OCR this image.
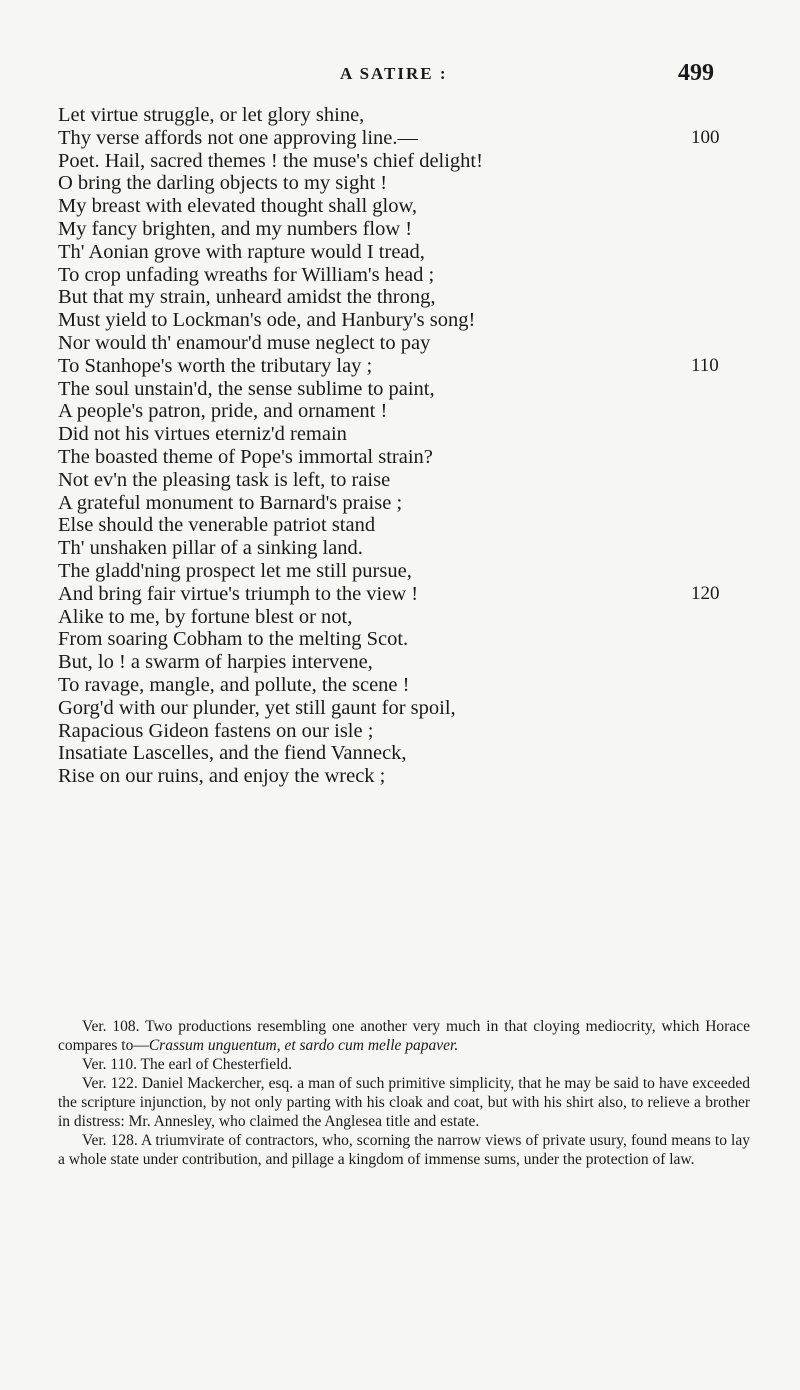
A SATIRE :	499
Let virtue struggle, or let glory shine,
Thy verse affords not one approving line.—	100
Poet. Hail, sacred themes ! the muse's chief delight!
O bring the darling objects to my sight !
My breast with elevated thought shall glow,
My fancy brighten, and my numbers flow !
Th' Aonian grove with rapture would I tread,
To crop unfading wreaths for William's head ;
But that my strain, unheard amidst the throng,
Must yield to Lockman's ode, and Hanbury's song!
Nor would th' enamour'd muse neglect to pay
To Stanhope's worth the tributary lay ;	110
The soul unstain'd, the sense sublime to paint,
A people's patron, pride, and ornament !
Did not his virtues eterniz'd remain
The boasted theme of Pope's immortal strain?
Not ev'n the pleasing task is left, to raise
A grateful monument to Barnard's praise ;
Else should the venerable patriot stand
Th' unshaken pillar of a sinking land.
The gladd'ning prospect let me still pursue,
And bring fair virtue's triumph to the view !	120
Alike to me, by fortune blest or not,
From soaring Cobham to the melting Scot.
But, lo ! a swarm of harpies intervene,
To ravage, mangle, and pollute, the scene !
Gorg'd with our plunder, yet still gaunt for spoil,
Rapacious Gideon fastens on our isle ;
Insatiate Lascelles, and the fiend Vanneck,
Rise on our ruins, and enjoy the wreck ;

Ver. 108. Two productions resembling one another very much in that cloying mediocrity, which Horace compares to—Crassum unguentum, et sardo cum melle papaver.

Ver. 110. The earl of Chesterfield.

Ver. 122. Daniel Mackercher, esq. a man of such primitive simplicity, that he may be said to have exceeded the scripture injunction, by not only parting with his cloak and coat, but with his shirt also, to relieve a brother in distress: Mr. Annesley, who claimed the Anglesea title and estate.

Ver. 128. A triumvirate of contractors, who, scorning the narrow views of private usury, found means to lay a whole state under contribution, and pillage a kingdom of immense sums, under the protection of law.
